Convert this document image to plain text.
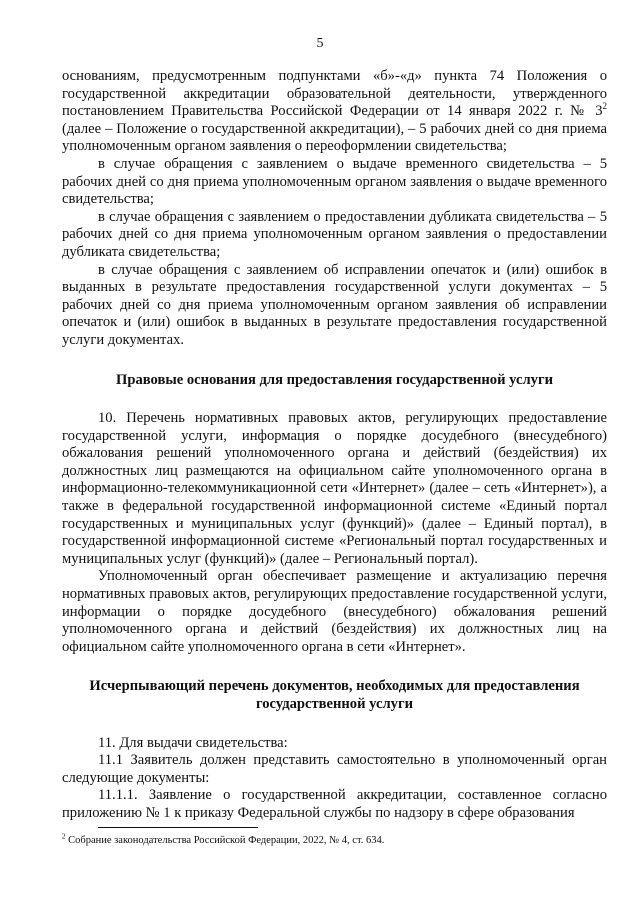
5

основаниям, предусмотренным подпунктами «б»-«д» пункта 74 Положения о государственной аккредитации образовательной деятельности, утвержденного постановлением Правительства Российской Федерации от 14 января 2022 г. № $3^2$ (далее – Положение о государственной аккредитации), – 5 рабочих дней со дня приема уполномоченным органом заявления о переоформлении свидетельства;

в случае обращения с заявлением о выдаче временного свидетельства – 5 рабочих дней со дня приема уполномоченным органом заявления о выдаче временного свидетельства;

в случае обращения с заявлением о предоставлении дубликата свидетельства – 5 рабочих дней со дня приема уполномоченным органом заявления о предоставлении дубликата свидетельства;

в случае обращения с заявлением об исправлении опечаток и (или) ошибок в выданных в результате предоставления государственной услуги документах – 5 рабочих дней со дня приема уполномоченным органом заявления об исправлении опечаток и (или) ошибок в выданных в результате предоставления государственной услуги документах.

Правовые основания для предоставления государственной услуги

10. Перечень нормативных правовых актов, регулирующих предоставление государственной услуги, информация о порядке досудебного (внесудебного) обжалования решений уполномоченного органа и действий (бездействия) их должностных лиц размещаются на официальном сайте уполномоченного органа в информационно-телекоммуникационной сети «Интернет» (далее – сеть «Интернет»), а также в федеральной государственной информационной системе «Единый портал государственных и муниципальных услуг (функций)» (далее – Единый портал), в государственной информационной системе «Региональный портал государственных и муниципальных услуг (функций)» (далее – Региональный портал).

Уполномоченный орган обеспечивает размещение и актуализацию перечня нормативных правовых актов, регулирующих предоставление государственной услуги, информации о порядке досудебного (внесудебного) обжалования решений уполномоченного органа и действий (бездействия) их должностных лиц на официальном сайте уполномоченного органа в сети «Интернет».

Исчерпывающий перечень документов, необходимых для предоставления
государственной услуги

11. Для выдачи свидетельства:

11.1 Заявитель должен представить самостоятельно в уполномоченный орган следующие документы:

11.1.1. Заявление о государственной аккредитации, составленное согласно приложению № 1 к приказу Федеральной службы по надзору в сфере образования

$^2$ Собрание законодательства Российской Федерации, 2022, № 4, ст. 634.
